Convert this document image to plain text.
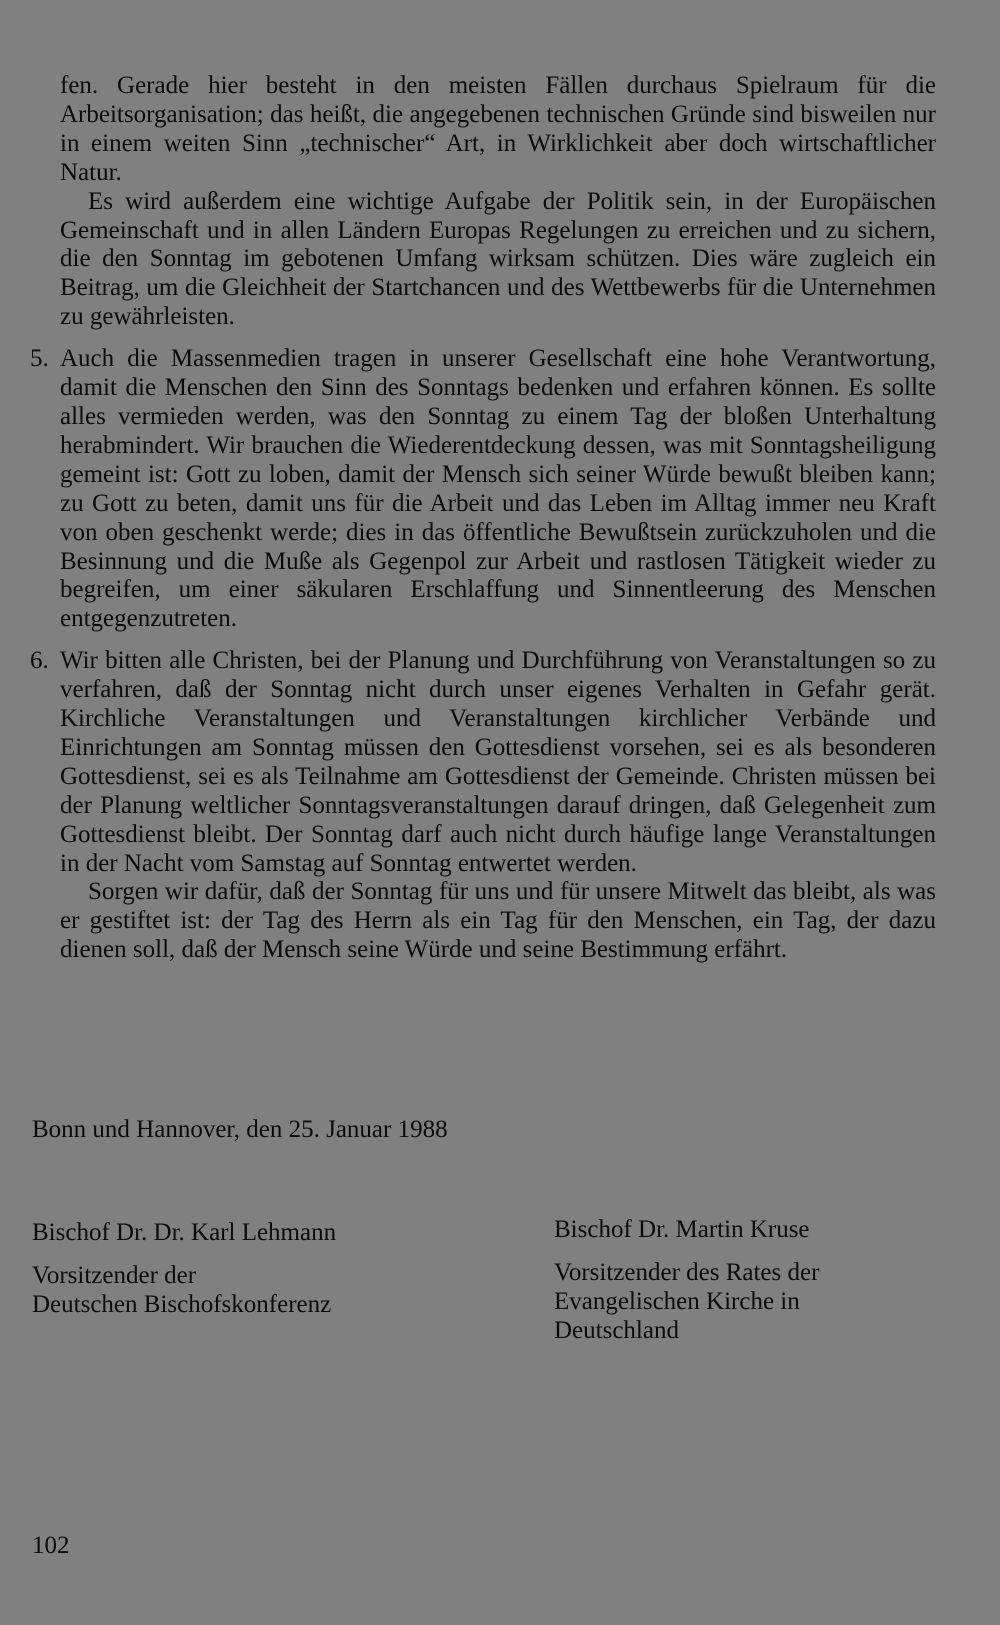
fen. Gerade hier besteht in den meisten Fällen durchaus Spielraum für die Arbeitsorganisation; das heißt, die angegebenen technischen Gründe sind bisweilen nur in einem weiten Sinn „technischer“ Art, in Wirklichkeit aber doch wirtschaftlicher Natur.

Es wird außerdem eine wichtige Aufgabe der Politik sein, in der Europäischen Gemeinschaft und in allen Ländern Europas Regelungen zu erreichen und zu sichern, die den Sonntag im gebotenen Umfang wirksam schützen. Dies wäre zugleich ein Beitrag, um die Gleichheit der Startchancen und des Wettbewerbs für die Unternehmen zu gewährleisten.

5. Auch die Massenmedien tragen in unserer Gesellschaft eine hohe Verantwortung, damit die Menschen den Sinn des Sonntags bedenken und erfahren können. Es sollte alles vermieden werden, was den Sonntag zu einem Tag der bloßen Unterhaltung herabmindert. Wir brauchen die Wiederentdeckung dessen, was mit Sonntagsheiligung gemeint ist: Gott zu loben, damit der Mensch sich seiner Würde bewußt bleiben kann; zu Gott zu beten, damit uns für die Arbeit und das Leben im Alltag immer neu Kraft von oben geschenkt werde; dies in das öffentliche Bewußtsein zurückzuholen und die Besinnung und die Muße als Gegenpol zur Arbeit und rastlosen Tätigkeit wieder zu begreifen, um einer säkularen Erschlaffung und Sinnentleerung des Menschen entgegenzutreten.

6. Wir bitten alle Christen, bei der Planung und Durchführung von Veranstaltungen so zu verfahren, daß der Sonntag nicht durch unser eigenes Verhalten in Gefahr gerät. Kirchliche Veranstaltungen und Veranstaltungen kirchlicher Verbände und Einrichtungen am Sonntag müssen den Gottesdienst vorsehen, sei es als besonderen Gottesdienst, sei es als Teilnahme am Gottesdienst der Gemeinde. Christen müssen bei der Planung weltlicher Sonntagsveranstaltungen darauf dringen, daß Gelegenheit zum Gottesdienst bleibt. Der Sonntag darf auch nicht durch häufige lange Veranstaltungen in der Nacht vom Samstag auf Sonntag entwertet werden.

Sorgen wir dafür, daß der Sonntag für uns und für unsere Mitwelt das bleibt, als was er gestiftet ist: der Tag des Herrn als ein Tag für den Menschen, ein Tag, der dazu dienen soll, daß der Mensch seine Würde und seine Bestimmung erfährt.

Bonn und Hannover, den 25. Januar 1988
Bischof Dr. Dr. Karl Lehmann
Vorsitzender der
Deutschen Bischofskonferenz
Bischof Dr. Martin Kruse
Vorsitzender des Rates der
Evangelischen Kirche in
Deutschland
102
